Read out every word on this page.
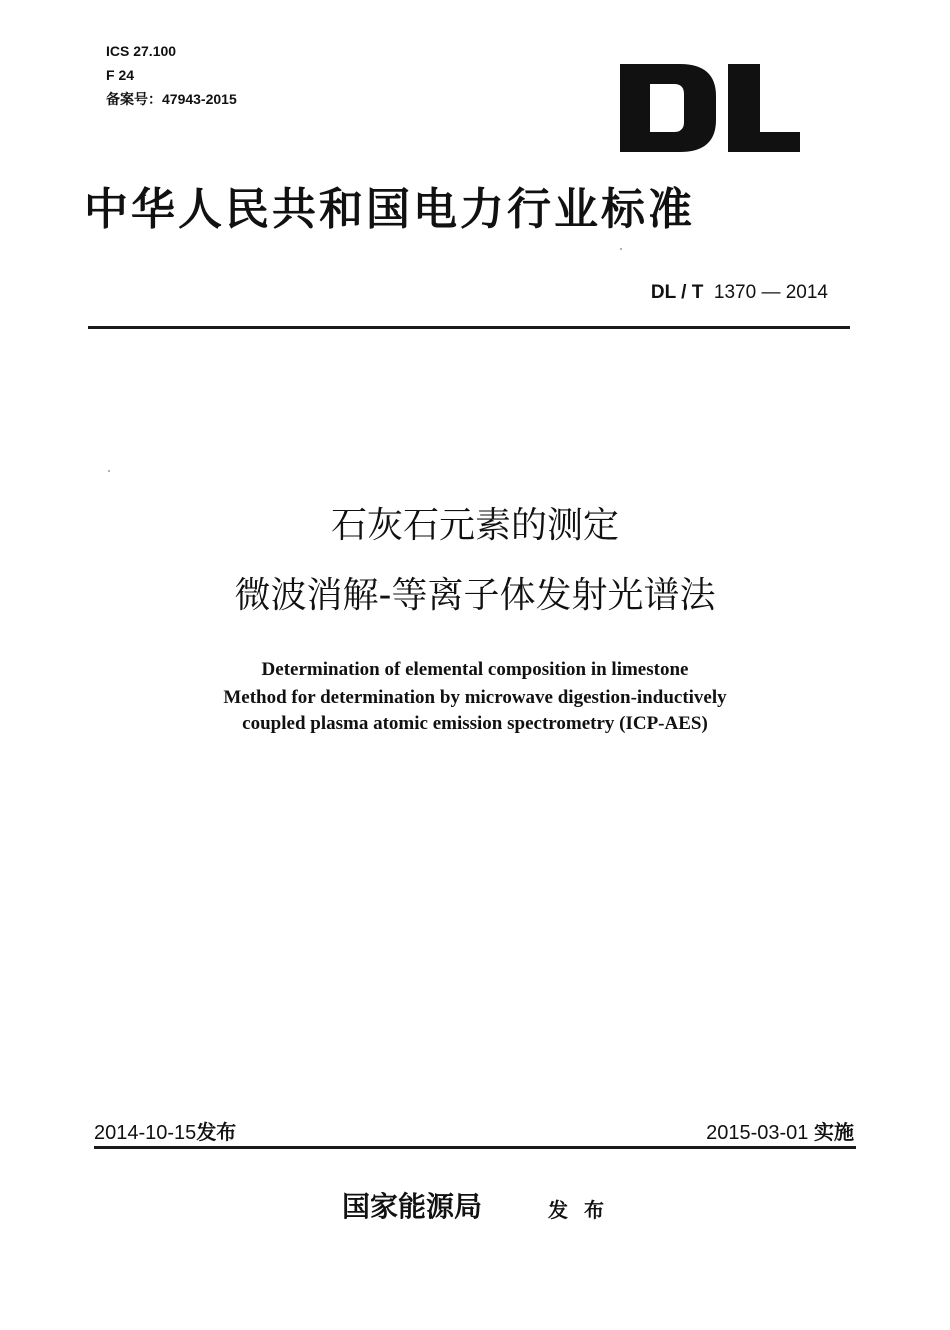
ICS 27.100
F 24
备案号：47943-2015
中华人民共和国电力行业标准
DL / T 1370 — 2014
石灰石元素的测定
微波消解-等离子体发射光谱法
Determination of elemental composition in limestone
Method for determination by microwave digestion-inductively
coupled plasma atomic emission spectrometry (ICP-AES)
2014-10-15发布	2015-03-01 实施
国家能源局	发布
